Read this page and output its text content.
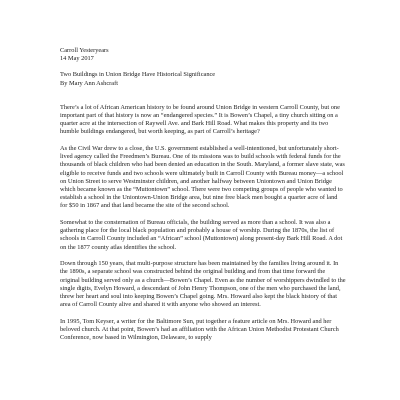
Carroll Yesteryears

14 May 2017

Two Buildings in Union Bridge Have Historical Significance

By Mary Ann Ashcraft

There’s a lot of African American history to be found around Union Bridge in western Carroll County, but one important part of that history is now an “endangered species.” It is Bowen’s Chapel, a tiny church sitting on a quarter acre at the intersection of Raywell Ave. and Bark Hill Road. What makes this property and its two humble buildings endangered, but worth keeping, as part of Carroll’s heritage?

As the Civil War drew to a close, the U.S. government established a well-intentioned, but unfortunately short-lived agency called the Freedmen’s Bureau. One of its missions was to build schools with federal funds for the thousands of black children who had been denied an education in the South. Maryland, a former slave state, was eligible to receive funds and two schools were ultimately built in Carroll County with Bureau money—a school on Union Street to serve Westminster children, and another halfway between Uniontown and Union Bridge which became known as the “Muttontown” school. There were two competing groups of people who wanted to establish a school in the Uniontown-Union Bridge area, but nine free black men bought a quarter acre of land for $50 in 1867 and that land became the site of the second school.

Somewhat to the consternation of Bureau officials, the building served as more than a school. It was also a gathering place for the local black population and probably a house of worship. During the 1870s, the list of schools in Carroll County included an “African” school (Muttontown) along present-day Bark Hill Road. A dot on the 1877 county atlas identifies the school.

Down through 150 years, that multi-purpose structure has been maintained by the families living around it. In the 1890s, a separate school was constructed behind the original building and from that time forward the original building served only as a church—Bowen’s Chapel. Even as the number of worshippers dwindled to the single digits, Evelyn Howard, a descendant of John Henry Thompson, one of the men who purchased the land, threw her heart and soul into keeping Bowen’s Chapel going. Mrs. Howard also kept the black history of that area of Carroll County alive and shared it with anyone who showed an interest.

In 1995, Tom Keyser, a writer for the Baltimore Sun, put together a feature article on Mrs. Howard and her beloved church. At that point, Bowen’s had an affiliation with the African Union Methodist Protestant Church Conference, now based in Wilmington, Delaware, to supply
